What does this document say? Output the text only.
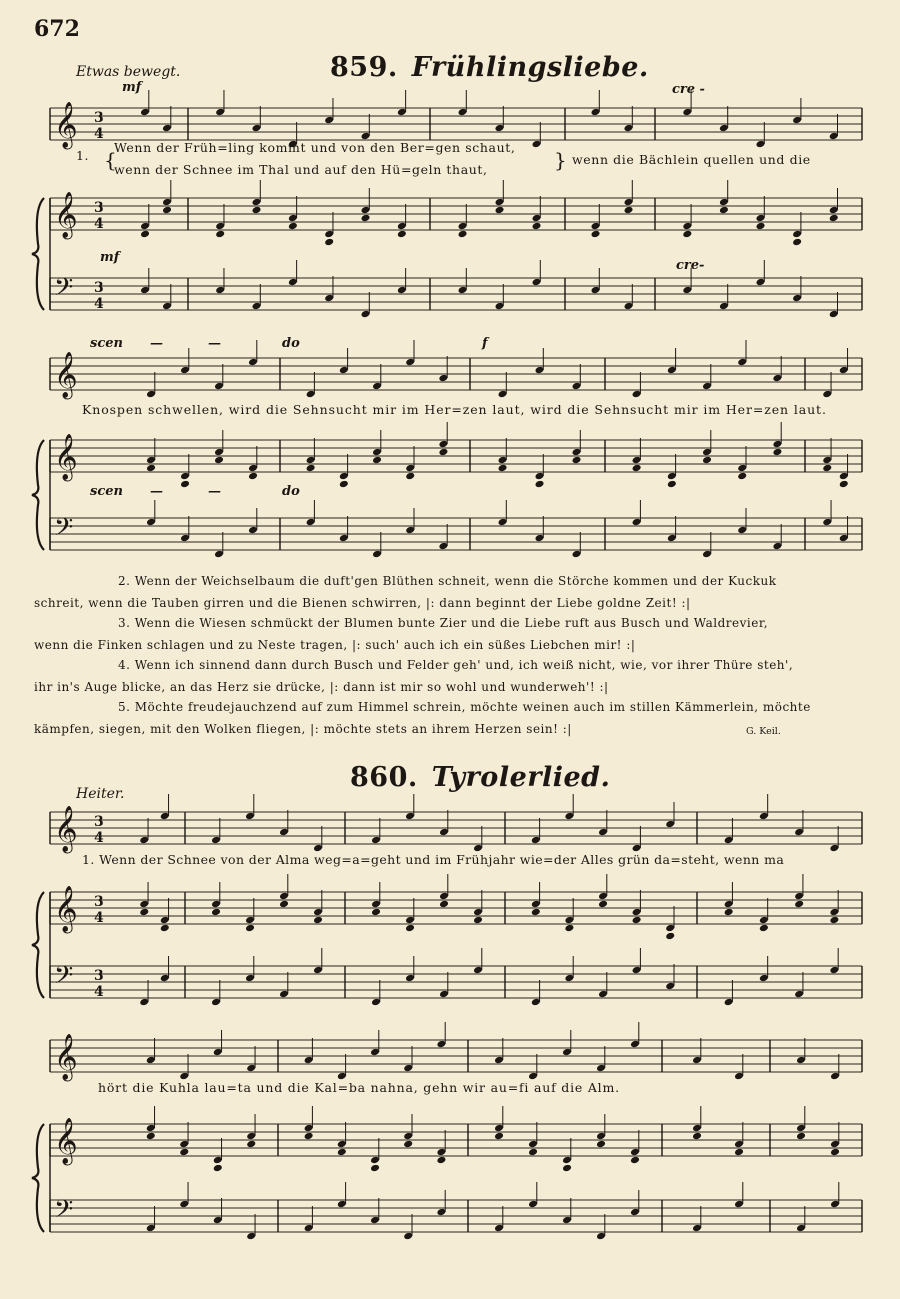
𝄞 3
4
𝄞 3
4
𝄢 3
4
𝄞
𝄞
𝄢
𝄞 3
4
𝄞 3
4
𝄢 3
4
𝄞
𝄞
𝄢
672
859. Frühlingsliebe.
Etwas bewegt.
mf	cre -
1. {
Wenn der Früh=ling kommt und von den Ber=gen schaut,
wenn der Schnee im Thal und auf den Hü=geln thaut,	} wenn die Bächlein quellen und die
mf
cre-
scen —	—	do	f
Knospen schwellen, wird die Sehnsucht mir im Her=zen laut, wird die Sehnsucht mir im Her=zen laut.
scen —	—	do
2. Wenn der Weichselbaum die duft'gen Blüthen schneit, wenn die Störche kommen und der Kuckuk
schreit, wenn die Tauben girren und die Bienen schwirren, |: dann beginnt der Liebe goldne Zeit! :|
3. Wenn die Wiesen schmückt der Blumen bunte Zier und die Liebe ruft aus Busch und Waldrevier,
wenn die Finken schlagen und zu Neste tragen, |: such' auch ich ein süßes Liebchen mir! :|
4. Wenn ich sinnend dann durch Busch und Felder geh' und, ich weiß nicht, wie, vor ihrer Thüre steh',
ihr in's Auge blicke, an das Herz sie drücke, |: dann ist mir so wohl und wunderweh'! :|
5. Möchte freudejauchzend auf zum Himmel schrein, möchte weinen auch im stillen Kämmerlein, möchte
kämpfen, siegen, mit den Wolken fliegen, |: möchte stets an ihrem Herzen sein! :|	G. Keil.
860. Tyrolerlied.
Heiter.
1. Wenn der Schnee von der Alma weg=a=geht und im Frühjahr wie=der Alles grün da=steht, wenn ma
hört die Kuhla lau=ta und die Kal=ba nahna, gehn wir au=fi auf die Alm.
